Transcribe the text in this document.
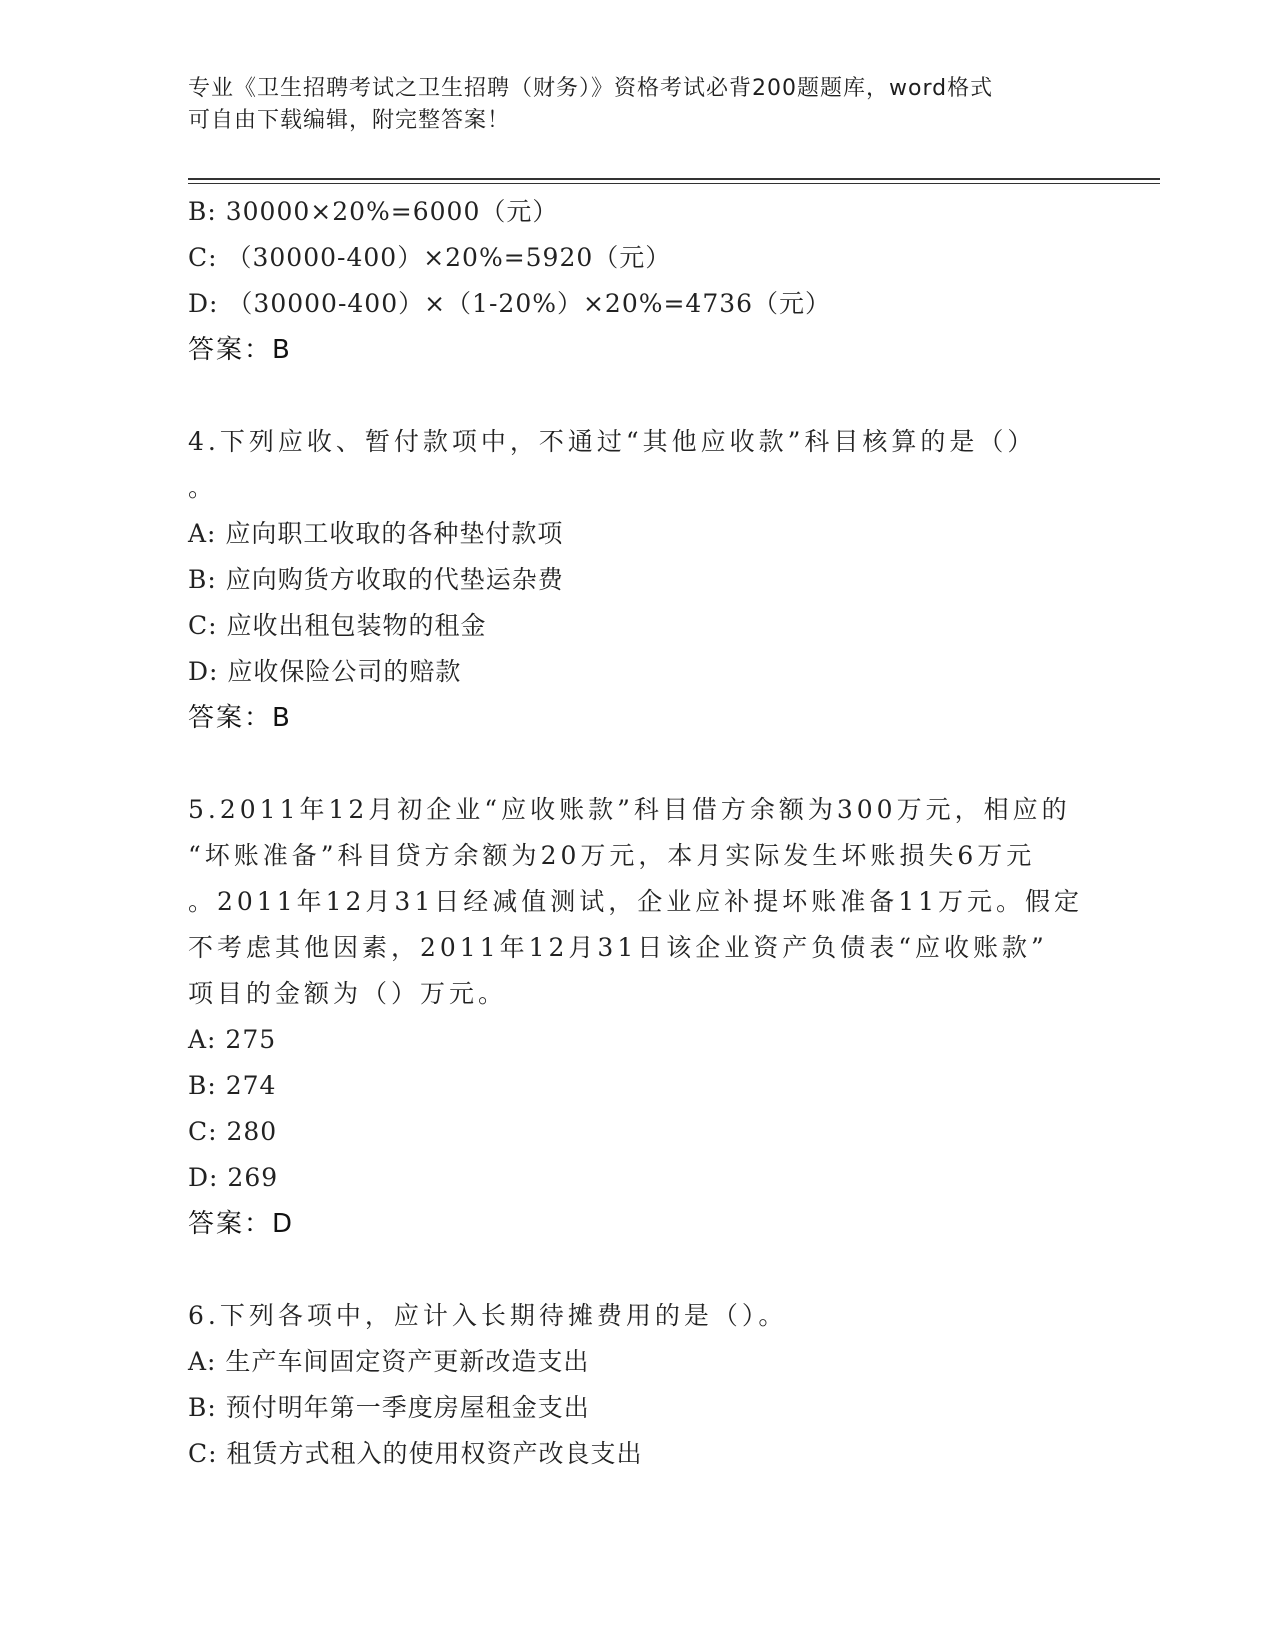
专业《卫生招聘考试之卫生招聘（财务）》资格考试必背200题题库，word格式
可自由下载编辑，附完整答案！
B: 30000×20%=6000（元）
C: （30000-400）×20%=5920（元）
D: （30000-400）×（1-20%）×20%=4736（元）
答案：B
4.下列应收、暂付款项中，不通过“其他应收款”科目核算的是（）
。
A: 应向职工收取的各种垫付款项
B: 应向购货方收取的代垫运杂费
C: 应收出租包装物的租金
D: 应收保险公司的赔款
答案：B
5.2011年12月初企业“应收账款”科目借方余额为300万元，相应的
“坏账准备”科目贷方余额为20万元，本月实际发生坏账损失6万元
。2011年12月31日经减值测试，企业应补提坏账准备11万元。假定
不考虑其他因素，2011年12月31日该企业资产负债表“应收账款”
项目的金额为（）万元。
A: 275
B: 274
C: 280
D: 269
答案：D
6.下列各项中，应计入长期待摊费用的是（）。
A: 生产车间固定资产更新改造支出
B: 预付明年第一季度房屋租金支出
C: 租赁方式租入的使用权资产改良支出
